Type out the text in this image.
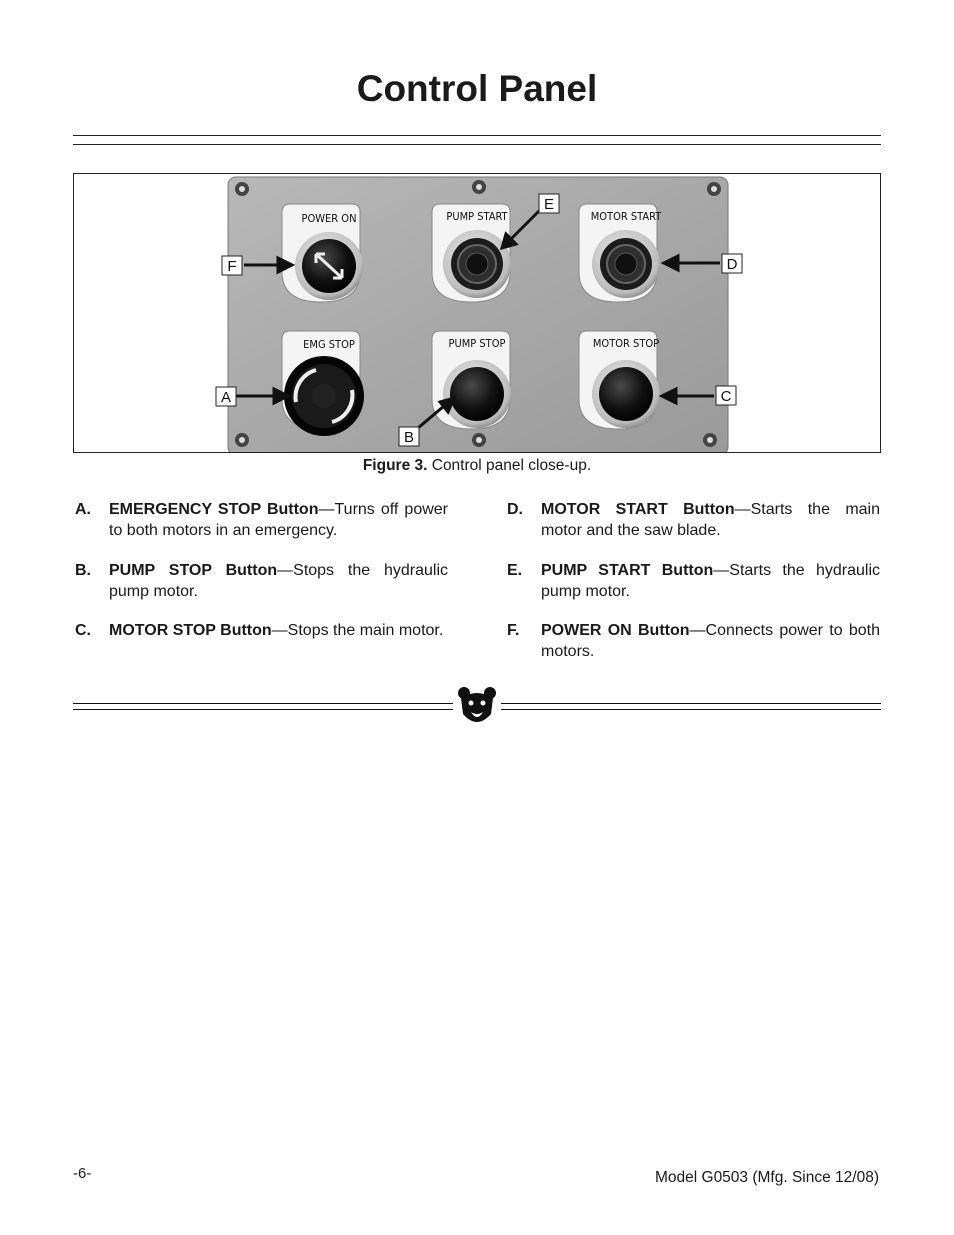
Control Panel
POWER ON	PUMP START	MOTOR START
EMG STOP	PUMP STOP	MOTOR STOP
F
E
D
A
B
C
Figure 3. Control panel close-up.
A. EMERGENCY STOP Button—Turns off power to both motors in an emergency.
B. PUMP STOP Button—Stops the hydraulic pump motor.
C. MOTOR STOP Button—Stops the main motor.
D. MOTOR START Button—Starts the main motor and the saw blade.
E. PUMP START Button—Starts the hydraulic pump motor.
F. POWER ON Button—Connects power to both motors.
-6-	Model G0503 (Mfg. Since 12/08)
